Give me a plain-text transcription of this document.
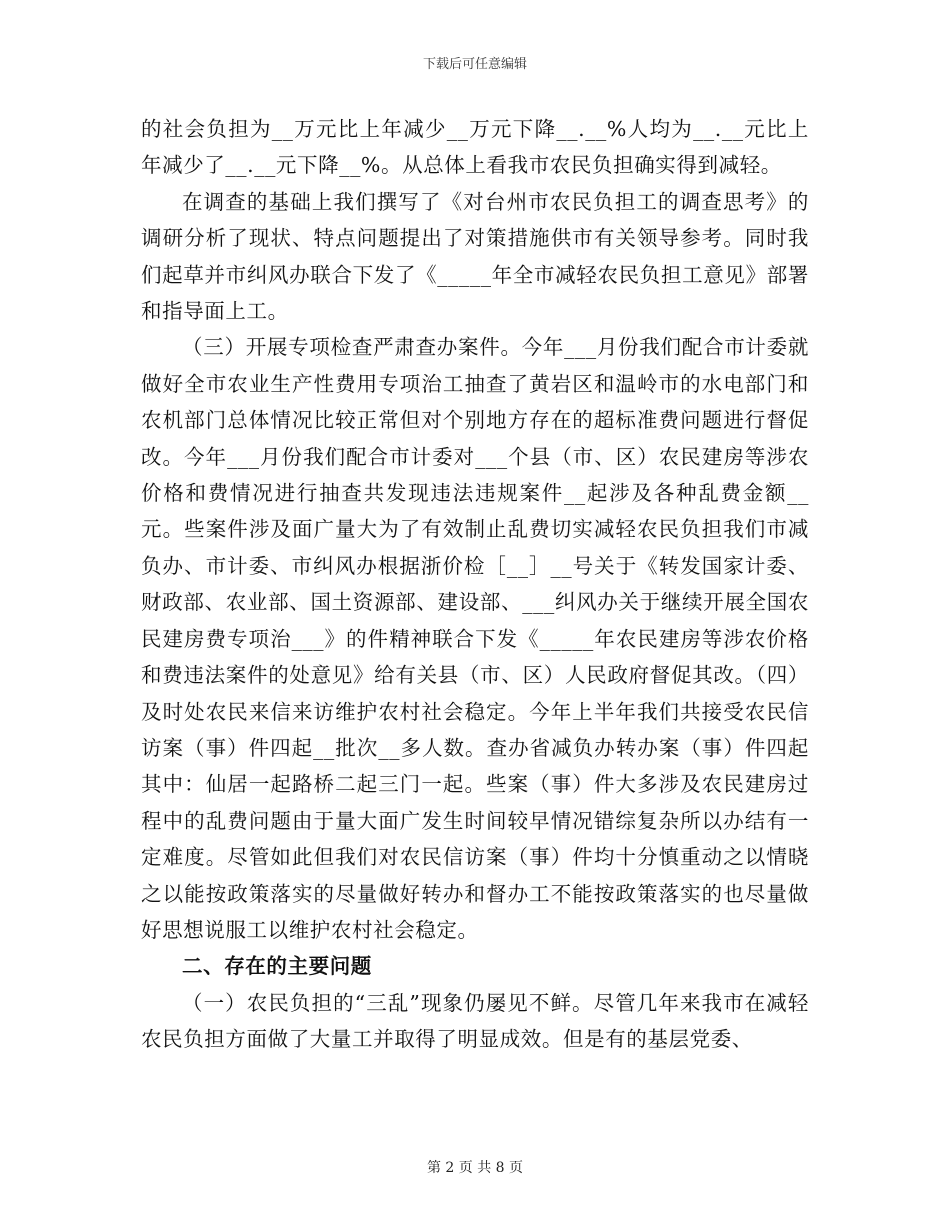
下载后可任意编辑

的社会负担为__万元比上年减少__万元下降__.__%人均为__.__元比上年减少了__.__元下降__%。从总体上看我市农民负担确实得到减轻。

在调查的基础上我们撰写了《对台州市农民负担工的调查思考》的调研分析了现状、特点问题提出了对策措施供市有关领导参考。同时我们起草并市纠风办联合下发了《_____年全市减轻农民负担工意见》部署和指导面上工。

（三）开展专项检查严肃查办案件。今年___月份我们配合市计委就做好全市农业生产性费用专项治工抽查了黄岩区和温岭市的水电部门和农机部门总体情况比较正常但对个别地方存在的超标准费问题进行督促改。今年___月份我们配合市计委对___个县（市、区）农民建房等涉农价格和费情况进行抽查共发现违法违规案件__起涉及各种乱费金额__元。些案件涉及面广量大为了有效制止乱费切实减轻农民负担我们市减负办、市计委、市纠风办根据浙价检［__］__号关于《转发国家计委、财政部、农业部、国土资源部、建设部、___纠风办关于继续开展全国农民建房费专项治___》的件精神联合下发《_____年农民建房等涉农价格和费违法案件的处意见》给有关县（市、区）人民政府督促其改。（四）及时处农民来信来访维护农村社会稳定。今年上半年我们共接受农民信访案（事）件四起__批次__多人数。查办省减负办转办案（事）件四起其中：仙居一起路桥二起三门一起。些案（事）件大多涉及农民建房过程中的乱费问题由于量大面广发生时间较早情况错综复杂所以办结有一定难度。尽管如此但我们对农民信访案（事）件均十分慎重动之以情晓之以能按政策落实的尽量做好转办和督办工不能按政策落实的也尽量做好思想说服工以维护农村社会稳定。

二、存在的主要问题

（一）农民负担的“三乱”现象仍屡见不鲜。尽管几年来我市在减轻农民负担方面做了大量工并取得了明显成效。但是有的基层党委、

第 2 页 共 8 页
